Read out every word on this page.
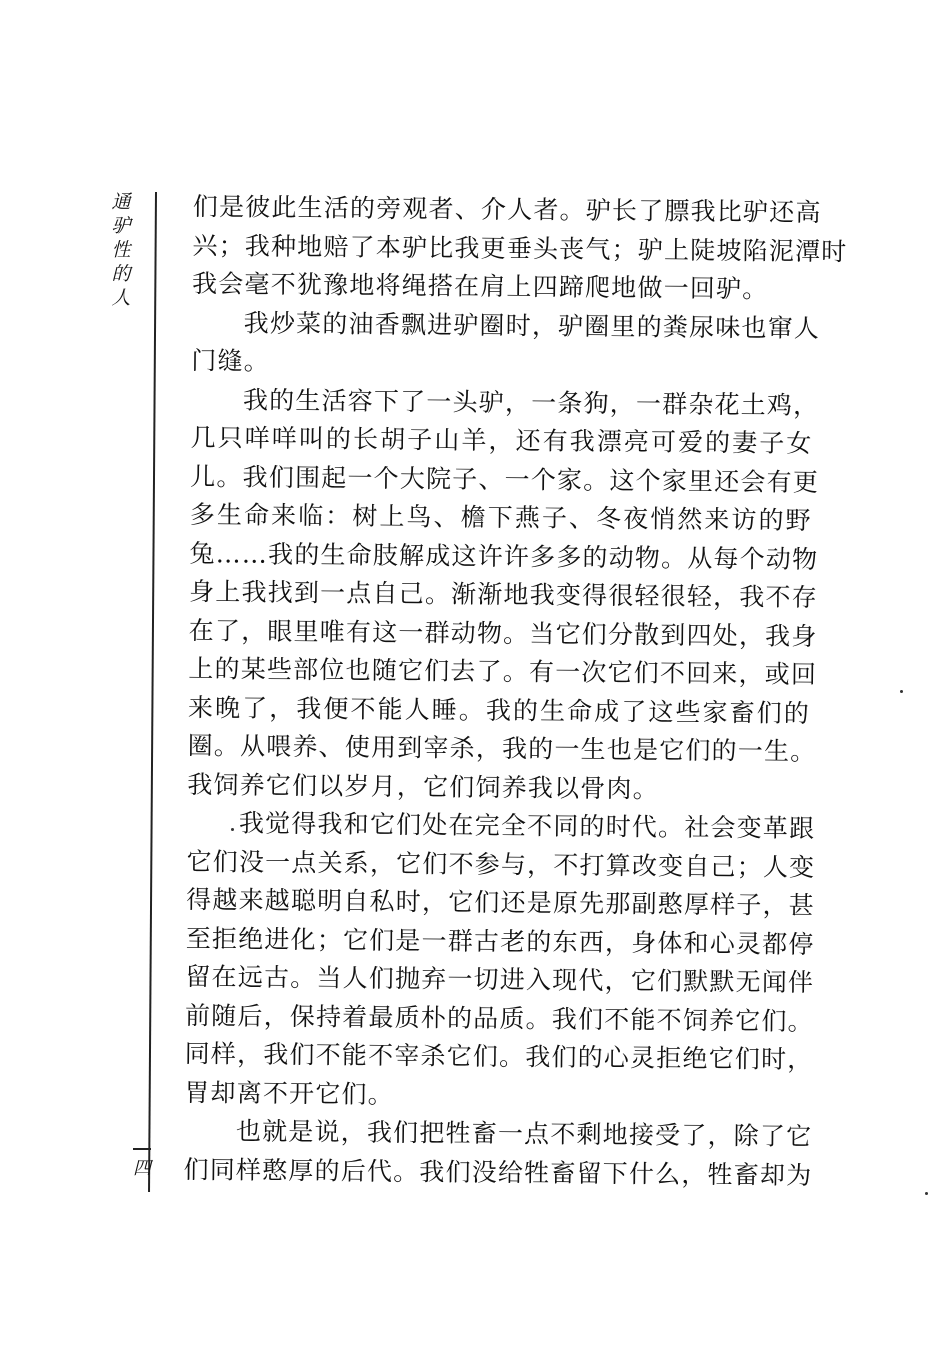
通
驴
性
的
人
四
们是彼此生活的旁观者、介人者。驴长了膘我比驴还高
兴；我种地赔了本驴比我更垂头丧气；驴上陡坡陷泥潭时
我会毫不犹豫地将绳搭在肩上四蹄爬地做一回驴。
我炒菜的油香飘进驴圈时，驴圈里的粪尿味也窜人
门缝。
我的生活容下了一头驴，一条狗，一群杂花土鸡，
几只咩咩叫的长胡子山羊，还有我漂亮可爱的妻子女
儿。我们围起一个大院子、一个家。这个家里还会有更
多生命来临：树上鸟、檐下燕子、冬夜悄然来访的野
兔……我的生命肢解成这许许多多的动物。从每个动物
身上我找到一点自己。渐渐地我变得很轻很轻，我不存
在了，眼里唯有这一群动物。当它们分散到四处，我身
上的某些部位也随它们去了。有一次它们不回来，或回
来晚了，我便不能人睡。我的生命成了这些家畜们的
圈。从喂养、使用到宰杀，我的一生也是它们的一生。
我饲养它们以岁月，它们饲养我以骨肉。
我觉得我和它们处在完全不同的时代。社会变革跟
它们没一点关系，它们不参与，不打算改变自己；人变
得越来越聪明自私时，它们还是原先那副憨厚样子，甚
至拒绝进化；它们是一群古老的东西，身体和心灵都停
留在远古。当人们抛弃一切进入现代，它们默默无闻伴
前随后，保持着最质朴的品质。我们不能不饲养它们。
同样，我们不能不宰杀它们。我们的心灵拒绝它们时，
胃却离不开它们。
也就是说，我们把牲畜一点不剩地接受了，除了它
们同样憨厚的后代。我们没给牲畜留下什么，牲畜却为
